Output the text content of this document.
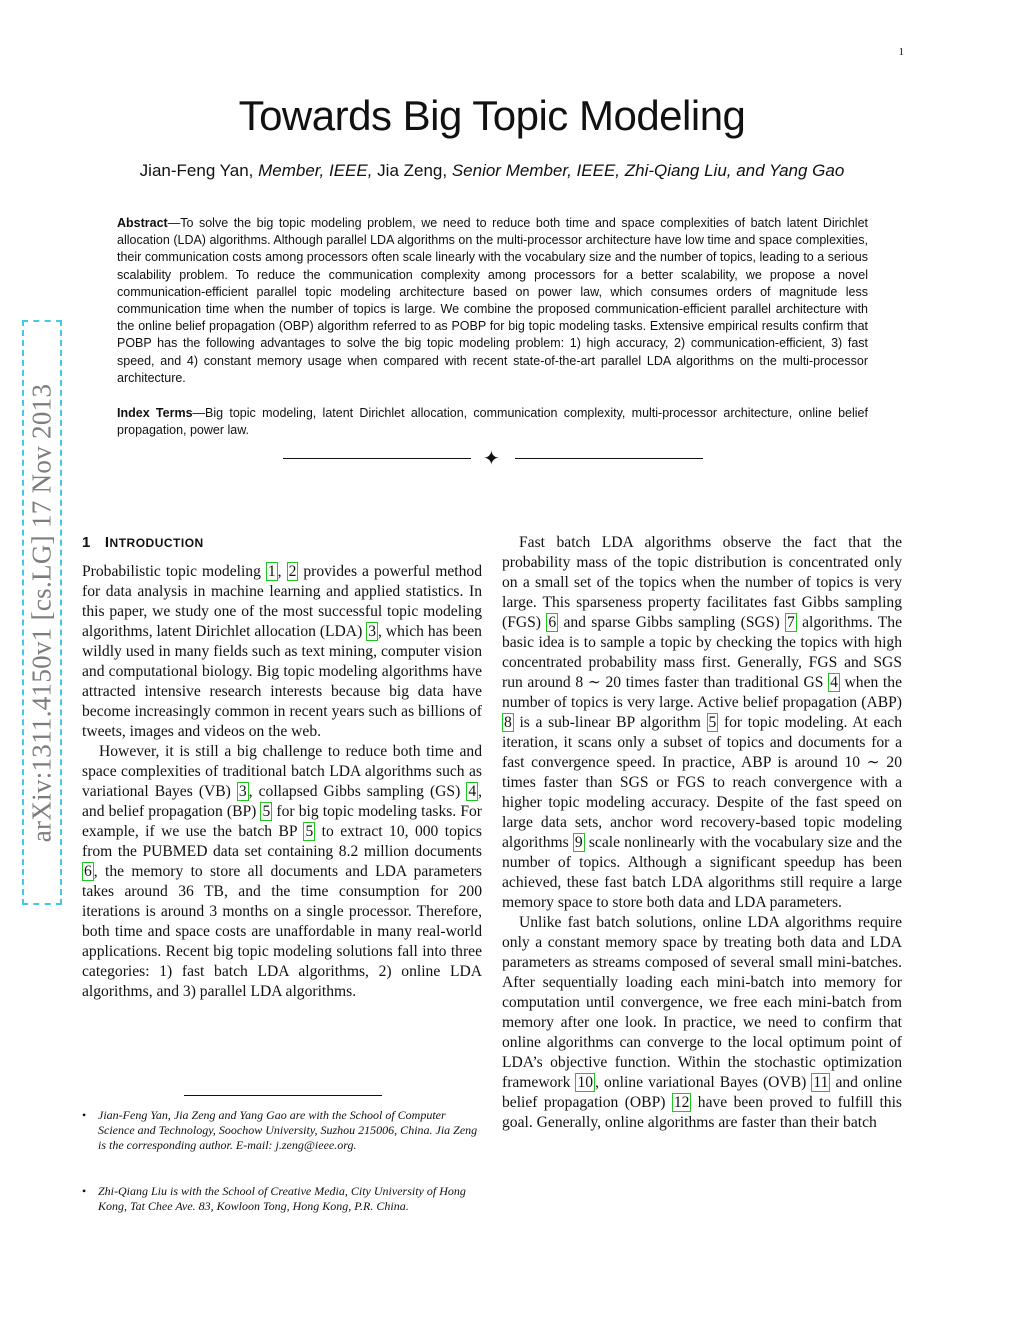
1
Towards Big Topic Modeling
Jian-Feng Yan, Member, IEEE, Jia Zeng, Senior Member, IEEE, Zhi-Qiang Liu, and Yang Gao
Abstract—To solve the big topic modeling problem, we need to reduce both time and space complexities of batch latent Dirichlet allocation (LDA) algorithms. Although parallel LDA algorithms on the multi-processor architecture have low time and space complexities, their communication costs among processors often scale linearly with the vocabulary size and the number of topics, leading to a serious scalability problem. To reduce the communication complexity among processors for a better scalability, we propose a novel communication-efficient parallel topic modeling architecture based on power law, which consumes orders of magnitude less communication time when the number of topics is large. We combine the proposed communication-efficient parallel architecture with the online belief propagation (OBP) algorithm referred to as POBP for big topic modeling tasks. Extensive empirical results confirm that POBP has the following advantages to solve the big topic modeling problem: 1) high accuracy, 2) communication-efficient, 3) fast speed, and 4) constant memory usage when compared with recent state-of-the-art parallel LDA algorithms on the multi-processor architecture.
Index Terms—Big topic modeling, latent Dirichlet allocation, communication complexity, multi-processor architecture, online belief propagation, power law.
✦
arXiv:1311.4150v1 [cs.LG] 17 Nov 2013 1 INTRODUCTION

Probabilistic topic modeling 1 , 2 provides a powerful method for data analysis in machine learning and applied statistics. In this paper, we study one of the most successful topic modeling algorithms, latent Dirichlet allocation (LDA) 3 , which has been wildly used in many fields such as text mining, computer vision and computational biology. Big topic modeling algorithms have attracted intensive research interests because big data have become increasingly common in recent years such as billions of tweets, images and videos on the web.

However, it is still a big challenge to reduce both time and space complexities of traditional batch LDA algorithms such as variational Bayes (VB) 3 , collapsed Gibbs sampling (GS) 4 , and belief propagation (BP) 5 for big topic modeling tasks. For example, if we use the batch BP 5 to extract 10, 000 topics from the PUBMED data set containing 8.2 million documents 6 , the memory to store all documents and LDA parameters takes around 36 TB, and the time consumption for 200 iterations is around 3 months on a single processor. Therefore, both time and space costs are unaffordable in many real-world applications. Recent big topic modeling solutions fall into three categories: 1) fast batch LDA algorithms, 2) online LDA algorithms, and 3) parallel LDA algorithms.

• Jian-Feng Yan, Jia Zeng and Yang Gao are with the School of Computer Science and Technology, Soochow University, Suzhou 215006, China. Jia Zeng is the corresponding author. E-mail: j.zeng@ieee.org.
• Zhi-Qiang Liu is with the School of Creative Media, City University of Hong Kong, Tat Chee Ave. 83, Kowloon Tong, Hong Kong, P.R. China.

Fast batch LDA algorithms observe the fact that the probability mass of the topic distribution is concentrated only on a small set of the topics when the number of topics is very large. This sparseness property facilitates fast Gibbs sampling (FGS) 6 and sparse Gibbs sampling (SGS) 7 algorithms. The basic idea is to sample a topic by checking the topics with high concentrated probability mass first. Generally, FGS and SGS run around 8 ∼ 20 times faster than traditional GS 4 when the number of topics is very large. Active belief propagation (ABP) 8 is a sub-linear BP algorithm 5 for topic modeling. At each iteration, it scans only a subset of topics and documents for a fast convergence speed. In practice, ABP is around 10 ∼ 20 times faster than SGS or FGS to reach convergence with a higher topic modeling accuracy. Despite of the fast speed on large data sets, anchor word recovery-based topic modeling algorithms 9 scale nonlinearly with the vocabulary size and the number of topics. Although a significant speedup has been achieved, these fast batch LDA algorithms still require a large memory space to store both data and LDA parameters.

Unlike fast batch solutions, online LDA algorithms require only a constant memory space by treating both data and LDA parameters as streams composed of several small mini-batches. After sequentially loading each mini-batch into memory for computation until convergence, we free each mini-batch from memory after one look. In practice, we need to confirm that online algorithms can converge to the local optimum point of LDA’s objective function. Within the stochastic optimization framework 10 , online variational Bayes (OVB) 11 and online belief propagation (OBP) 12 have been proved to fulfill this goal. Generally, online algorithms are faster than their batch
